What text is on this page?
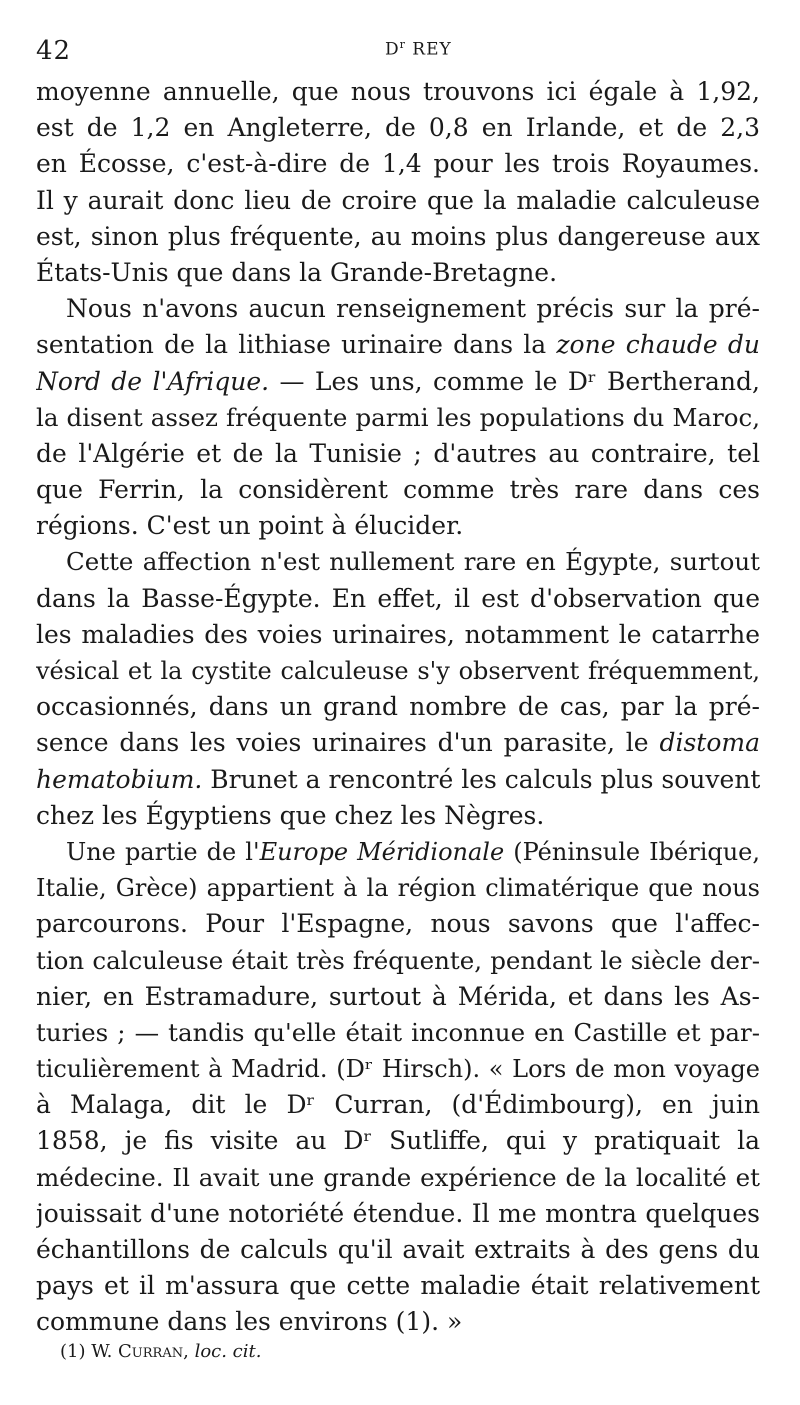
42	$D^r$ REY
moyenne annuelle, que nous trouvons ici égale à 1,92,
est de 1,2 en Angleterre, de 0,8 en Irlande, et de 2,3
en Écosse, c'est-à-dire de 1,4 pour les trois Royaumes.
Il y aurait donc lieu de croire que la maladie calculeuse
est, sinon plus fréquente, au moins plus dangereuse aux
États-Unis que dans la Grande-Bretagne.
Nous n'avons aucun renseignement précis sur la pré-
sentation de la lithiase urinaire dans la zone chaude du
Nord de l'Afrique. — Les uns, comme le Dʳ Bertherand,
la disent assez fréquente parmi les populations du Maroc,
de l'Algérie et de la Tunisie ; d'autres au contraire, tel
que Ferrin, la considèrent comme très rare dans ces
régions. C'est un point à élucider.
Cette affection n'est nullement rare en Égypte, surtout
dans la Basse-Égypte. En effet, il est d'observation que
les maladies des voies urinaires, notamment le catarrhe
vésical et la cystite calculeuse s'y observent fréquemment,
occasionnés, dans un grand nombre de cas, par la pré-
sence dans les voies urinaires d'un parasite, le distoma
hematobium. Brunet a rencontré les calculs plus souvent
chez les Égyptiens que chez les Nègres.
Une partie de l'Europe Méridionale (Péninsule Ibérique,
Italie, Grèce) appartient à la région climatérique que nous
parcourons. Pour l'Espagne, nous savons que l'affec-
tion calculeuse était très fréquente, pendant le siècle der-
nier, en Estramadure, surtout à Mérida, et dans les As-
turies ; — tandis qu'elle était inconnue en Castille et par-
ticulièrement à Madrid. (Dʳ Hirsch). « Lors de mon voyage
à Malaga, dit le Dʳ Curran, (d'Édimbourg), en juin
1858, je fis visite au Dʳ Sutliffe, qui y pratiquait la
médecine. Il avait une grande expérience de la localité et
jouissait d'une notoriété étendue. Il me montra quelques
échantillons de calculs qu'il avait extraits à des gens du
pays et il m'assura que cette maladie était relativement
commune dans les environs (1). »
(1) W. Curran, loc. cit.
